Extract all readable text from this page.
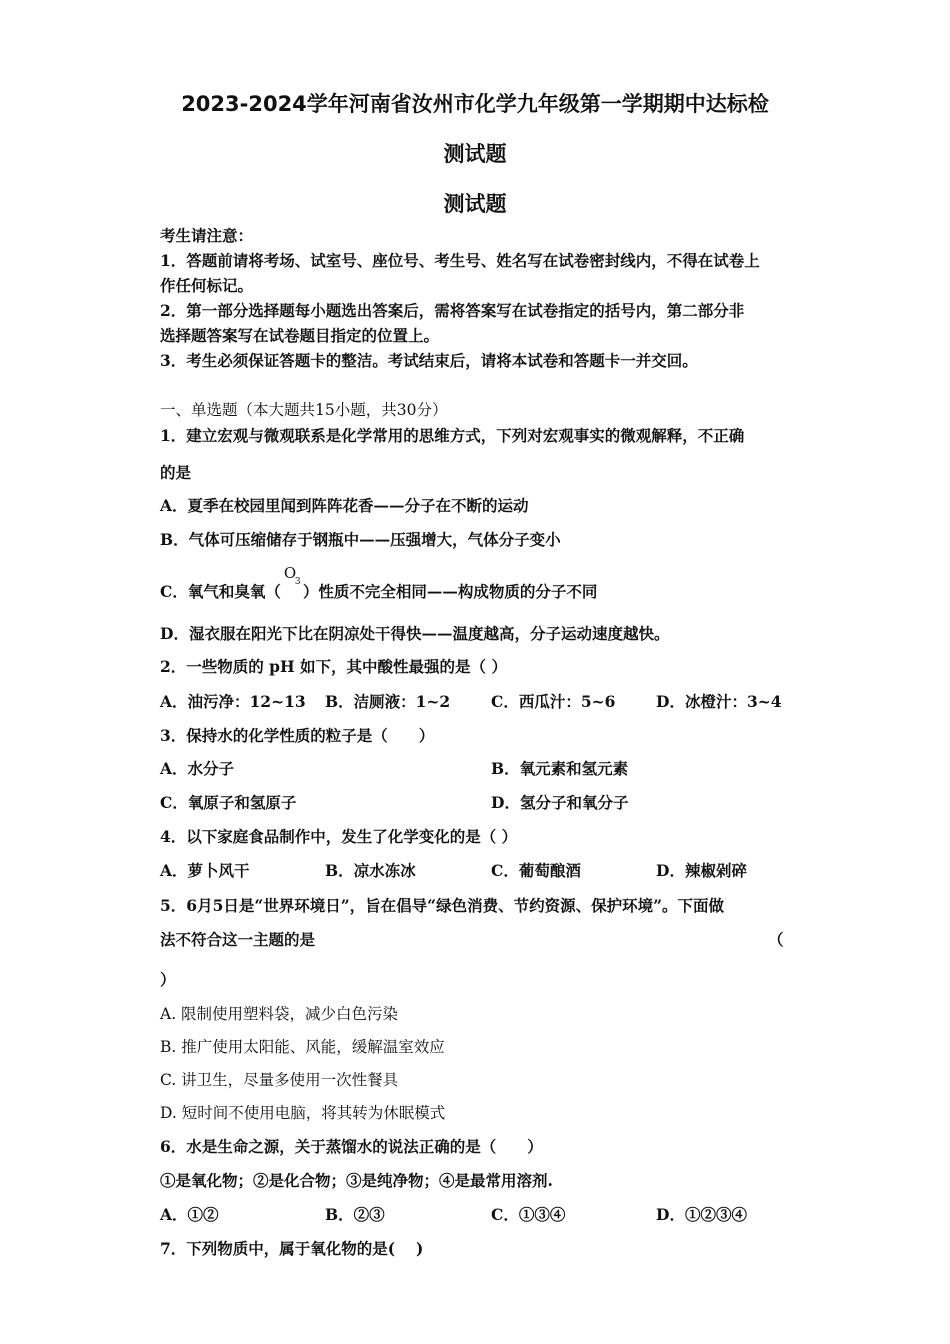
2023-2024学年河南省汝州市化学九年级第一学期期中达标检
测试题
测试题
考生请注意：
1．答题前请将考场、试室号、座位号、考生号、姓名写在试卷密封线内，不得在试卷上
作任何标记。
2．第一部分选择题每小题选出答案后，需将答案写在试卷指定的括号内，第二部分非
选择题答案写在试卷题目指定的位置上。
3．考生必须保证答题卡的整洁。考试结束后，请将本试卷和答题卡一并交回。
一、单选题（本大题共15小题，共30分）
1．建立宏观与微观联系是化学常用的思维方式，下列对宏观事实的微观解释，不正确
的是
A．夏季在校园里闻到阵阵花香——分子在不断的运动
B．气体可压缩储存于钢瓶中——压强增大，气体分子变小
C．氧气和臭氧（
O
3 ）性质不完全相同——构成物质的分子不同
D．湿衣服在阳光下比在阴凉处干得快——温度越高，分子运动速度越快。
2．一些物质的 pH 如下，其中酸性最强的是（ ）
A．油污净：12~13 B．洁厕液：1~2	C．西瓜汁：5~6	D．冰橙汁：3~4
3．保持水的化学性质的粒子是（　　）
A．水分子	B．氧元素和氢元素
C．氧原子和氢原子	D．氢分子和氧分子
4．以下家庭食品制作中，发生了化学变化的是（ ）
A．萝卜风干	B．凉水冻冰	C．葡萄酿酒	D．辣椒剁碎
5．6月5日是“世界环境日”，旨在倡导“绿色消费、节约资源、保护环境”。下面做
法不符合这一主题的是	（
）
A. 限制使用塑料袋，减少白色污染
B. 推广使用太阳能、风能，缓解温室效应
C. 讲卫生，尽量多使用一次性餐具
D. 短时间不使用电脑，将其转为休眠模式
6．水是生命之源，关于蒸馏水的说法正确的是（　　）
①是氧化物；②是化合物；③是纯净物；④是最常用溶剂.
A．①②	B．②③	C．①③④	D．①②③④
7．下列物质中，属于氧化物的是(　 )
